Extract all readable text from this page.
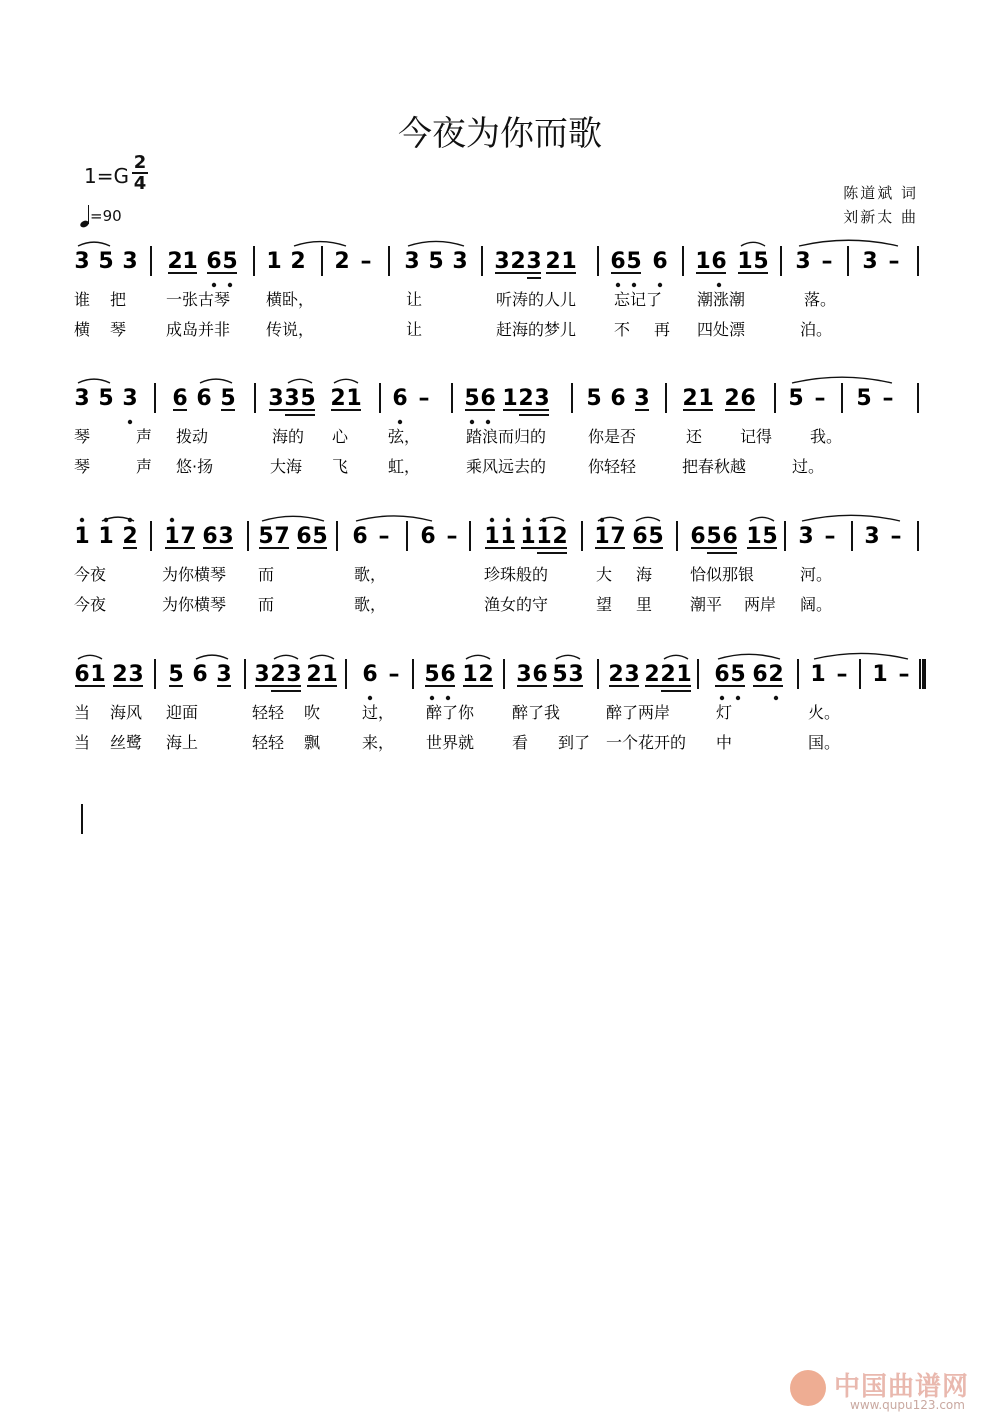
今夜为你而歌
1=G
2
4
=90
陈道斌 词
刘新太 曲
3 5 3 2 1 6 5 1 2 2 – 3 5 3 3 2 3 2 1 6 5 6 1 6 1 5 3 – 3 –
谁 把 一张古琴 横卧，	让	听涛的人儿 忘记了 潮涨潮	落。
横 琴 成岛并非 传说，	让	赶海的梦儿 不 再 四处漂	泊。
3 5 3 6 6 5 3 3 5 2 1 6 – 5 6 1 2 3 5 6 3 2 1 2 6 5 – 5 –
琴	声 拨动	海的 心 弦，	踏浪而归的	你是否	还 记得 我。
琴	声 悠·扬	大海 飞 虹，	乘风远去的	你轻轻	把春秋越	过。
1 1 2 1 7 6 3 5 7 6 5 6 – 6 – 1 1 1 1 2 1 7 6 5 6 5 6 1 5 3 – 3 –
今夜	为你横琴 而	歌，	珍珠般的	大 海 恰似那银	河。
今夜	为你横琴 而	歌，	渔女的守	望 里 潮平 两岸 阔。
6 1 2 3 5 6 3 3 2 3 2 1 6 – 5 6 1 2 3 6 5 3 2 3 2 2 1 6 5 6 2 1 – 1 –
当 海风 迎面	轻轻 吹	过， 醉了你 醉了我	醉了两岸	灯	火。
当 丝鹭 海上	轻轻 飘	来， 世界就 看 到了 一个花开的 中	国。
中国曲谱网
www.qupu123.com
